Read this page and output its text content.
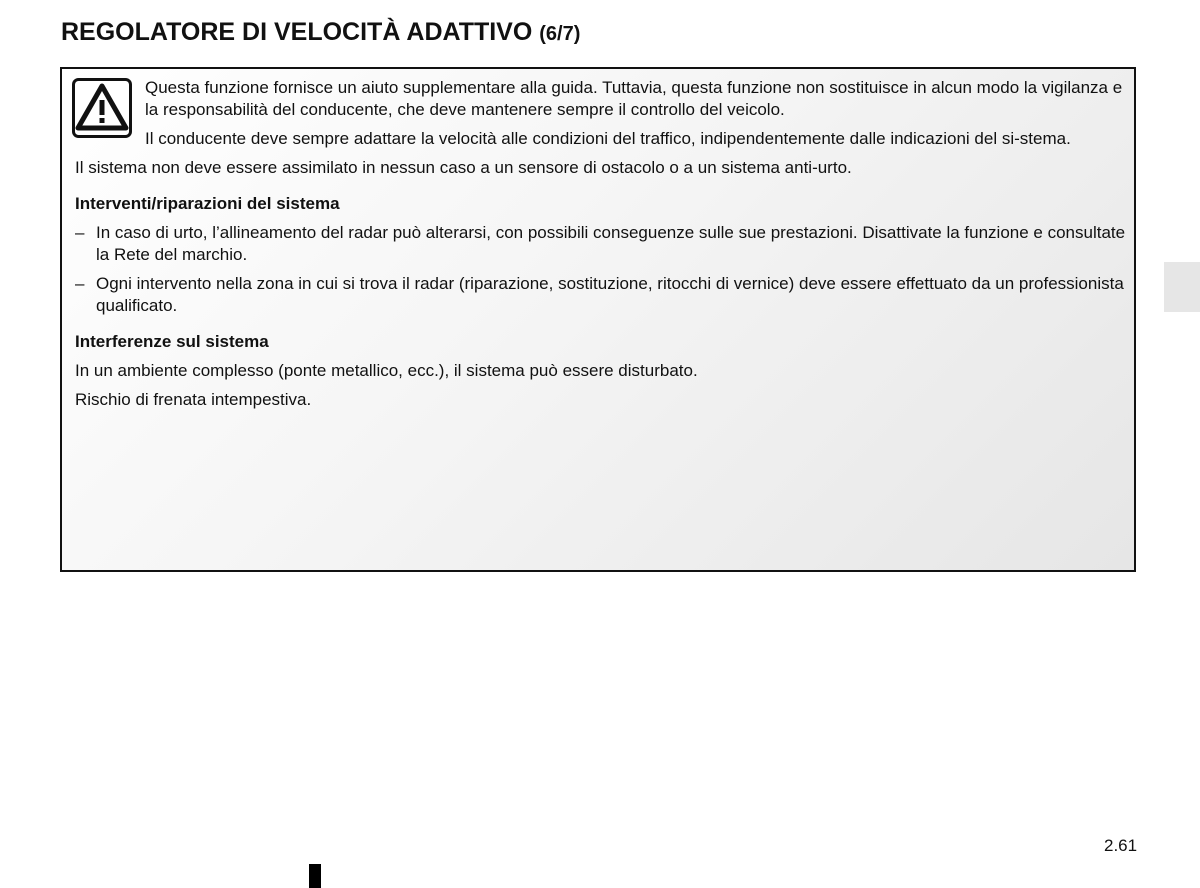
REGOLATORE DI VELOCITÀ ADATTIVO (6/7)

Questa funzione fornisce un aiuto supplementare alla guida. Tuttavia, questa funzione non sostituisce in alcun modo la vigilanza e la responsabilità del conducente, che deve mantenere sempre il controllo del veicolo.

Il conducente deve sempre adattare la velocità alle condizioni del traffico, indipendentemente dalle indicazioni del si-stema.

Il sistema non deve essere assimilato in nessun caso a un sensore di ostacolo o a un sistema anti-urto.

Interventi/riparazioni del sistema

– In caso di urto, l’allineamento del radar può alterarsi, con possibili conseguenze sulle sue prestazioni. Disattivate la funzione e consultate la Rete del marchio.
– Ogni intervento nella zona in cui si trova il radar (riparazione, sostituzione, ritocchi di vernice) deve essere effettuato da un professionista qualificato.

Interferenze sul sistema

In un ambiente complesso (ponte metallico, ecc.), il sistema può essere disturbato.

Rischio di frenata intempestiva.

2.61
